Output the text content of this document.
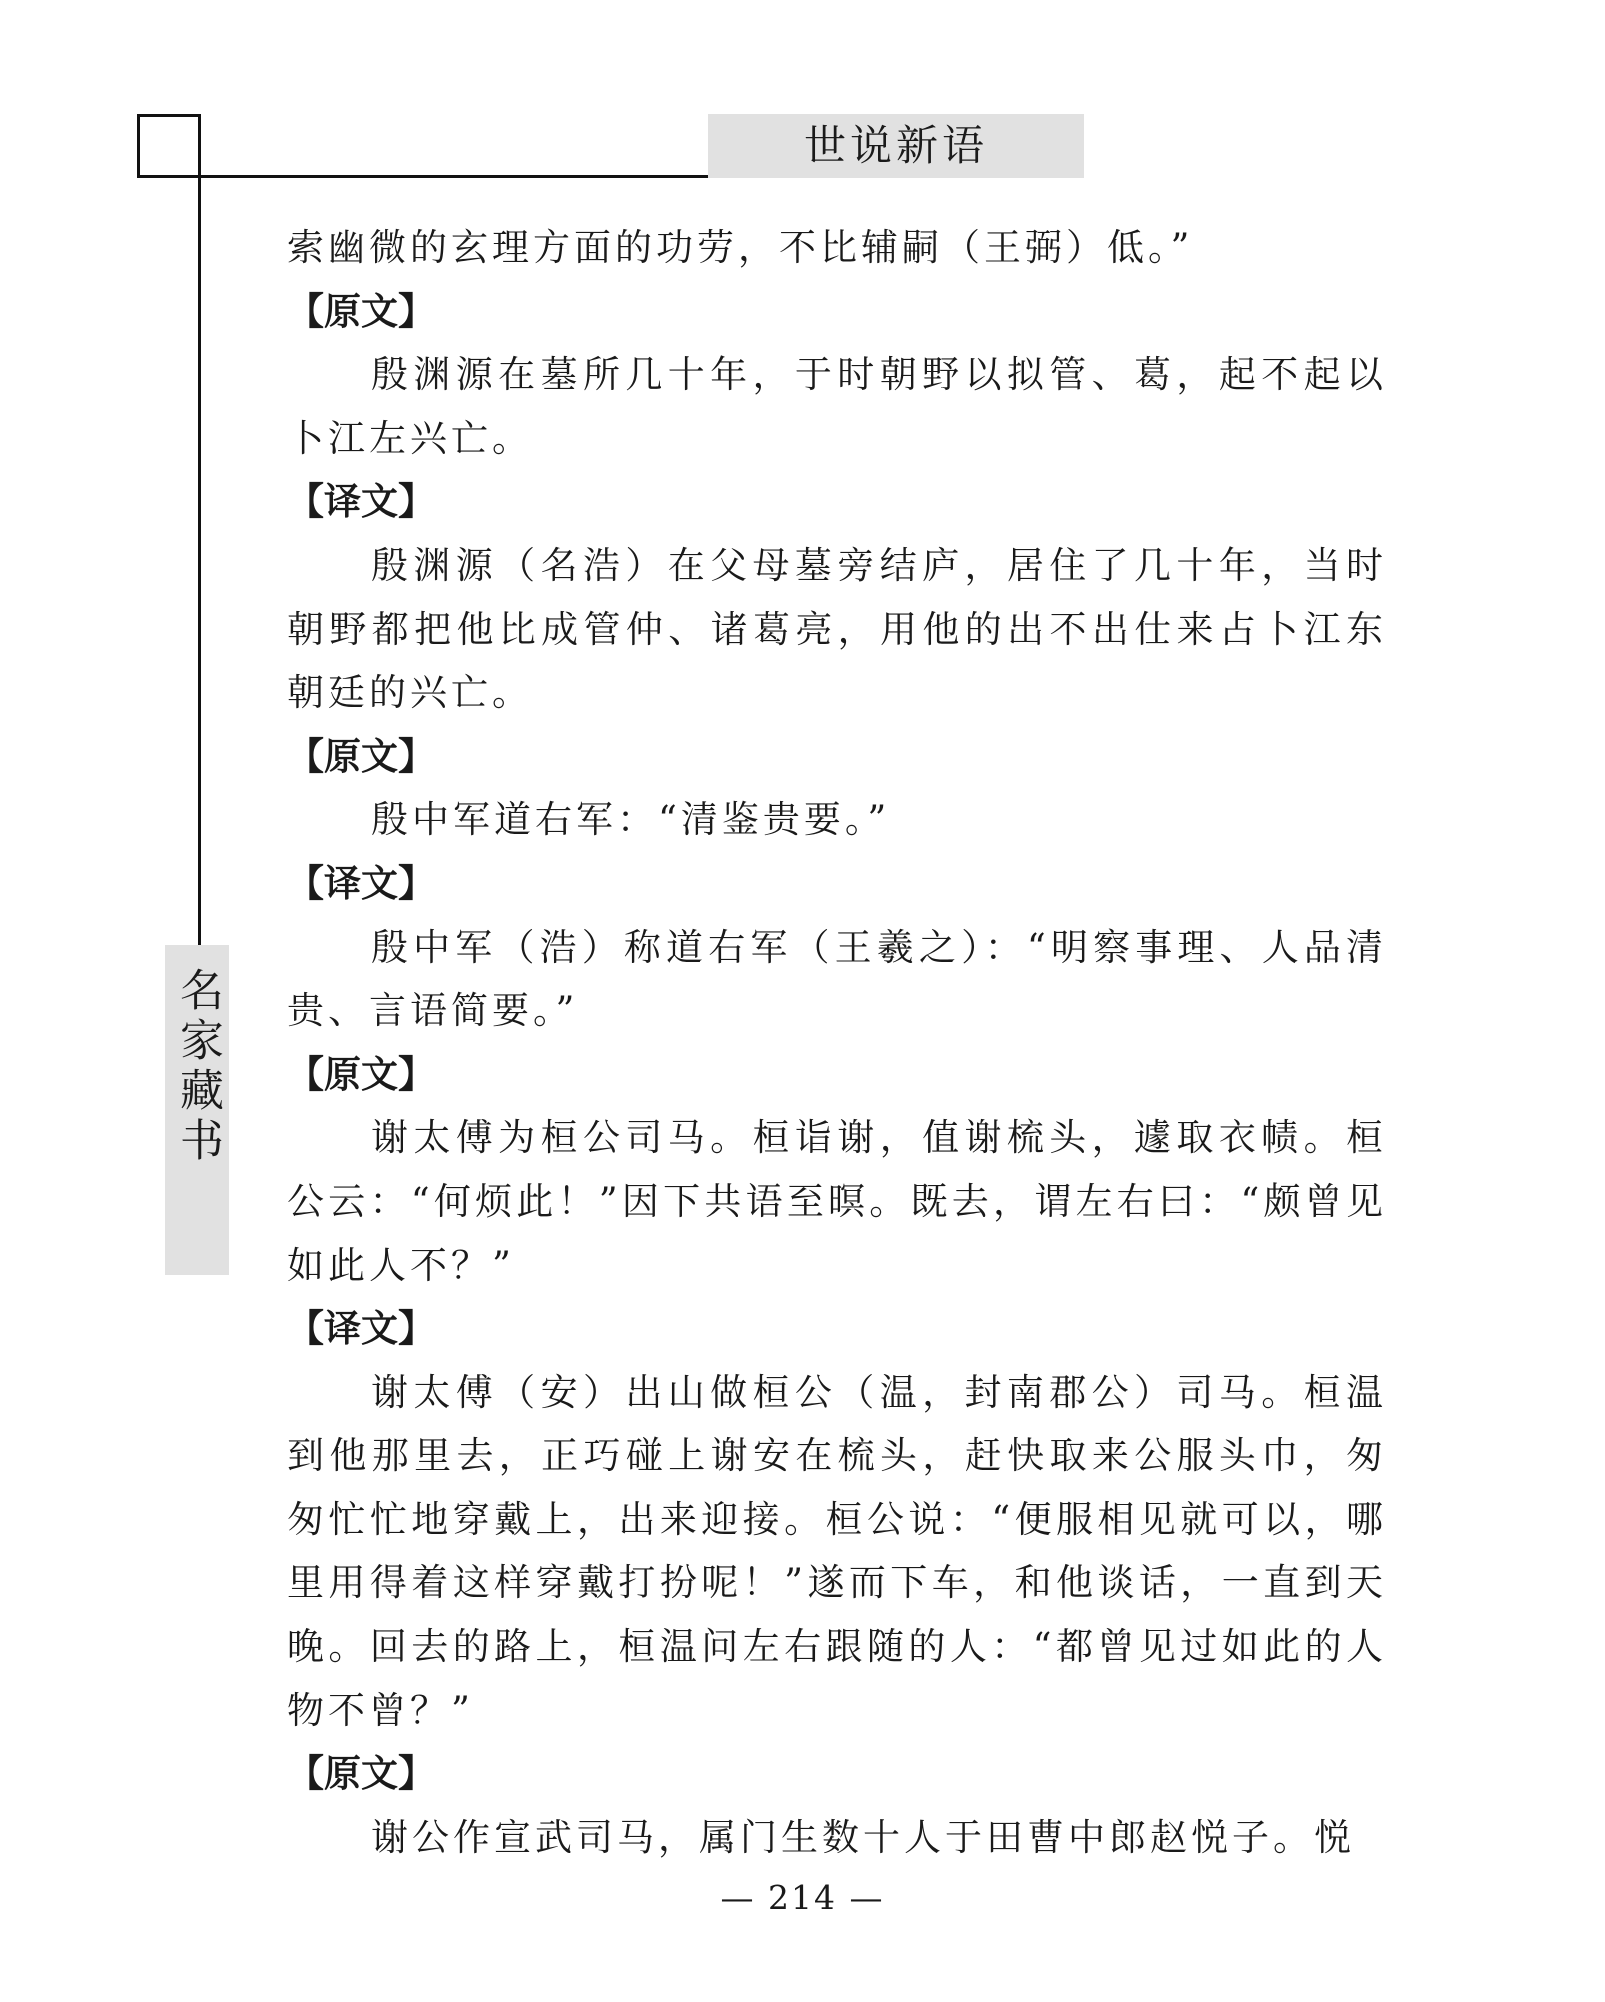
世说新语
名家藏书

索幽微的玄理方面的功劳，不比辅嗣（王弼）低。”

【原文】

殷渊源在墓所几十年，于时朝野以拟管、葛，起不起以卜江左兴亡。

【译文】

殷渊源（名浩）在父母墓旁结庐，居住了几十年，当时朝野都把他比成管仲、诸葛亮，用他的出不出仕来占卜江东朝廷的兴亡。

【原文】

殷中军道右军：“清鉴贵要。”

【译文】

殷中军（浩）称道右军（王羲之）：“明察事理、人品清贵、言语简要。”

【原文】

谢太傅为桓公司马。桓诣谢，值谢梳头，遽取衣帻。桓公云：“何烦此！”因下共语至暝。既去，谓左右曰：“颇曾见如此人不？”

【译文】

谢太傅（安）出山做桓公（温，封南郡公）司马。桓温到他那里去，正巧碰上谢安在梳头，赶快取来公服头巾，匆匆忙忙地穿戴上，出来迎接。桓公说：“便服相见就可以，哪里用得着这样穿戴打扮呢！”遂而下车，和他谈话，一直到天晚。回去的路上，桓温问左右跟随的人：“都曾见过如此的人物不曾？”

【原文】

谢公作宣武司马，属门生数十人于田曹中郎赵悦子。悦

— 214 —
